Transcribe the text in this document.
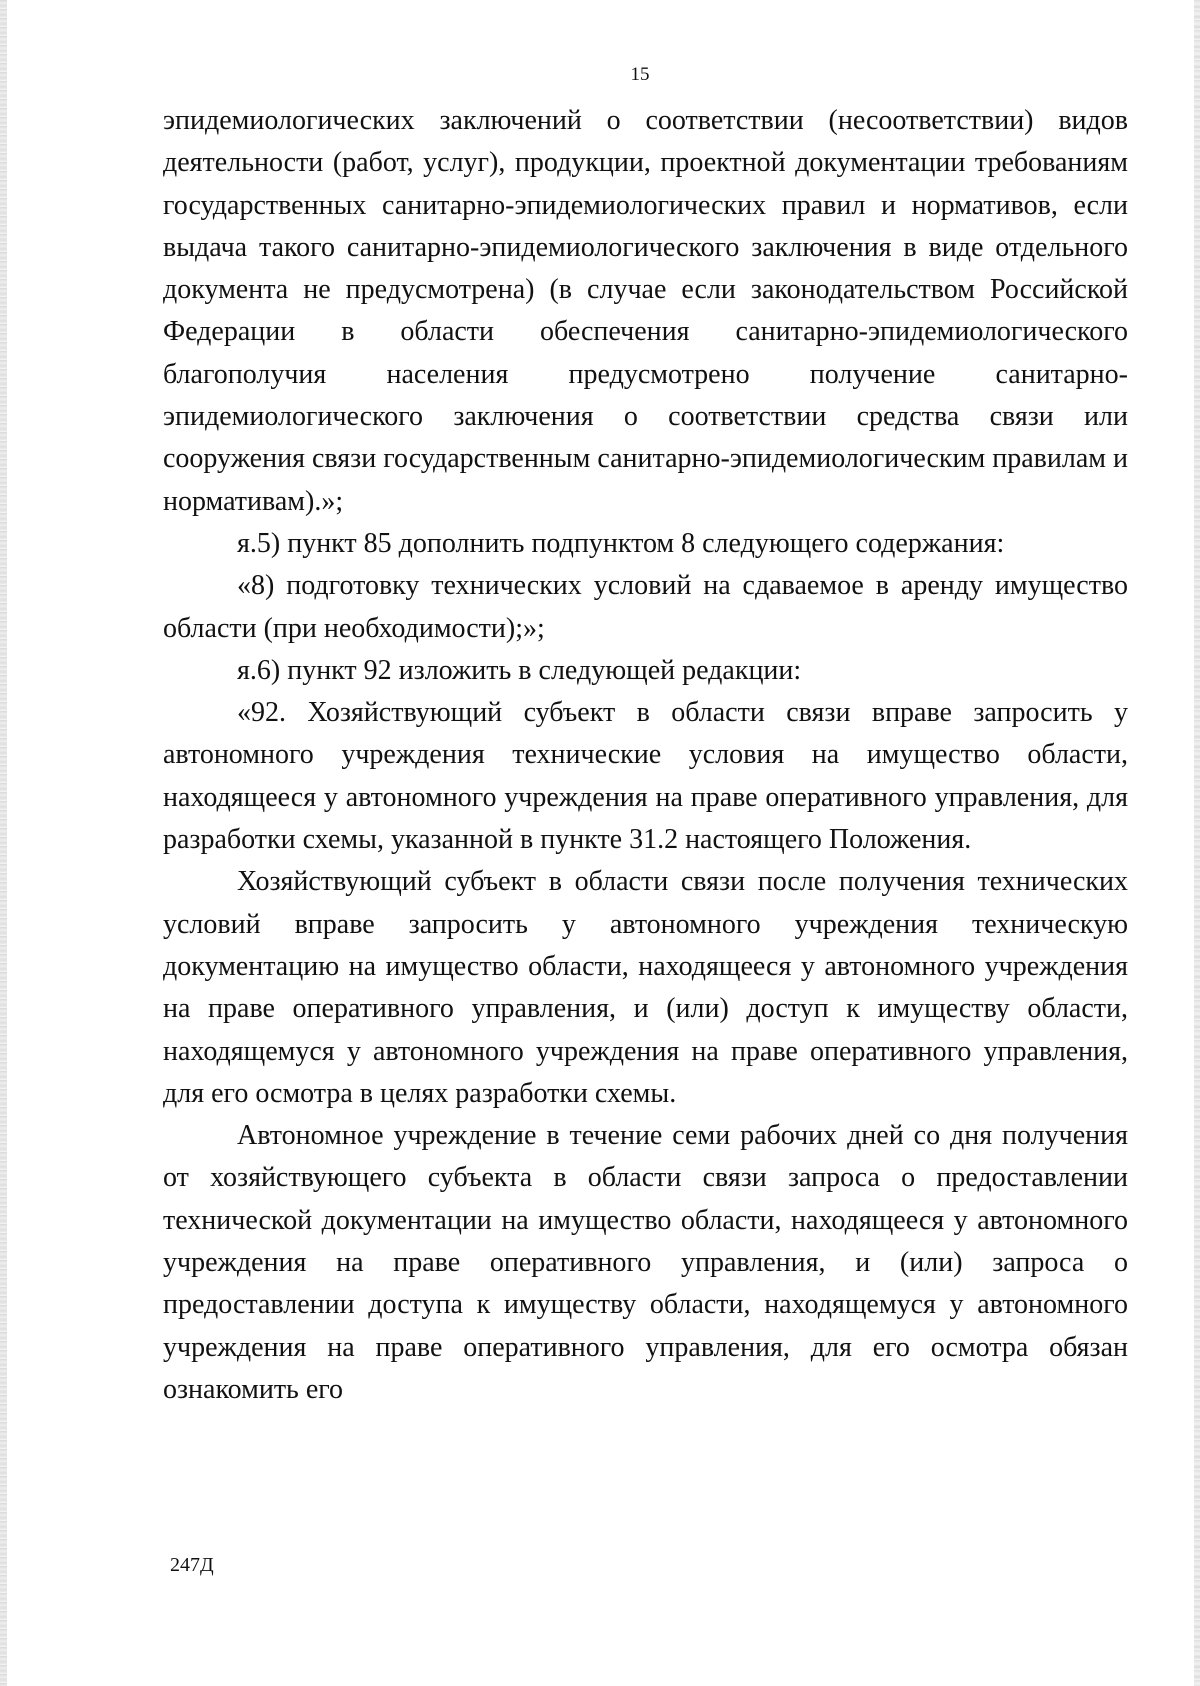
15

эпидемиологических заключений о соответствии (несоответствии) видов деятельности (работ, услуг), продукции, проектной документации требованиям государственных санитарно-эпидемиологических правил и нормативов, если выдача такого санитарно-эпидемиологического заключения в виде отдельного документа не предусмотрена) (в случае если законодательством Российской Федерации в области обеспечения санитарно-эпидемиологического благополучия населения предусмотрено получение санитарно-эпидемиологического заключения о соответствии средства связи или сооружения связи государственным санитарно-эпидемиологическим правилам и нормативам).»;

я.5) пункт 85 дополнить подпунктом 8 следующего содержания:

«8) подготовку технических условий на сдаваемое в аренду имущество области (при необходимости);»;

я.6) пункт 92 изложить в следующей редакции:

«92. Хозяйствующий субъект в области связи вправе запросить у автономного учреждения технические условия на имущество области, находящееся у автономного учреждения на праве оперативного управления, для разработки схемы, указанной в пункте 31.2 настоящего Положения.

Хозяйствующий субъект в области связи после получения технических условий вправе запросить у автономного учреждения техническую документацию на имущество области, находящееся у автономного учреждения на праве оперативного управления, и (или) доступ к имуществу области, находящемуся у автономного учреждения на праве оперативного управления, для его осмотра в целях разработки схемы.

Автономное учреждение в течение семи рабочих дней со дня получения от хозяйствующего субъекта в области связи запроса о предоставлении технической документации на имущество области, находящееся у автономного учреждения на праве оперативного управления, и (или) запроса о предоставлении доступа к имуществу области, находящемуся у автономного учреждения на праве оперативного управления, для его осмотра обязан ознакомить его

247Д
